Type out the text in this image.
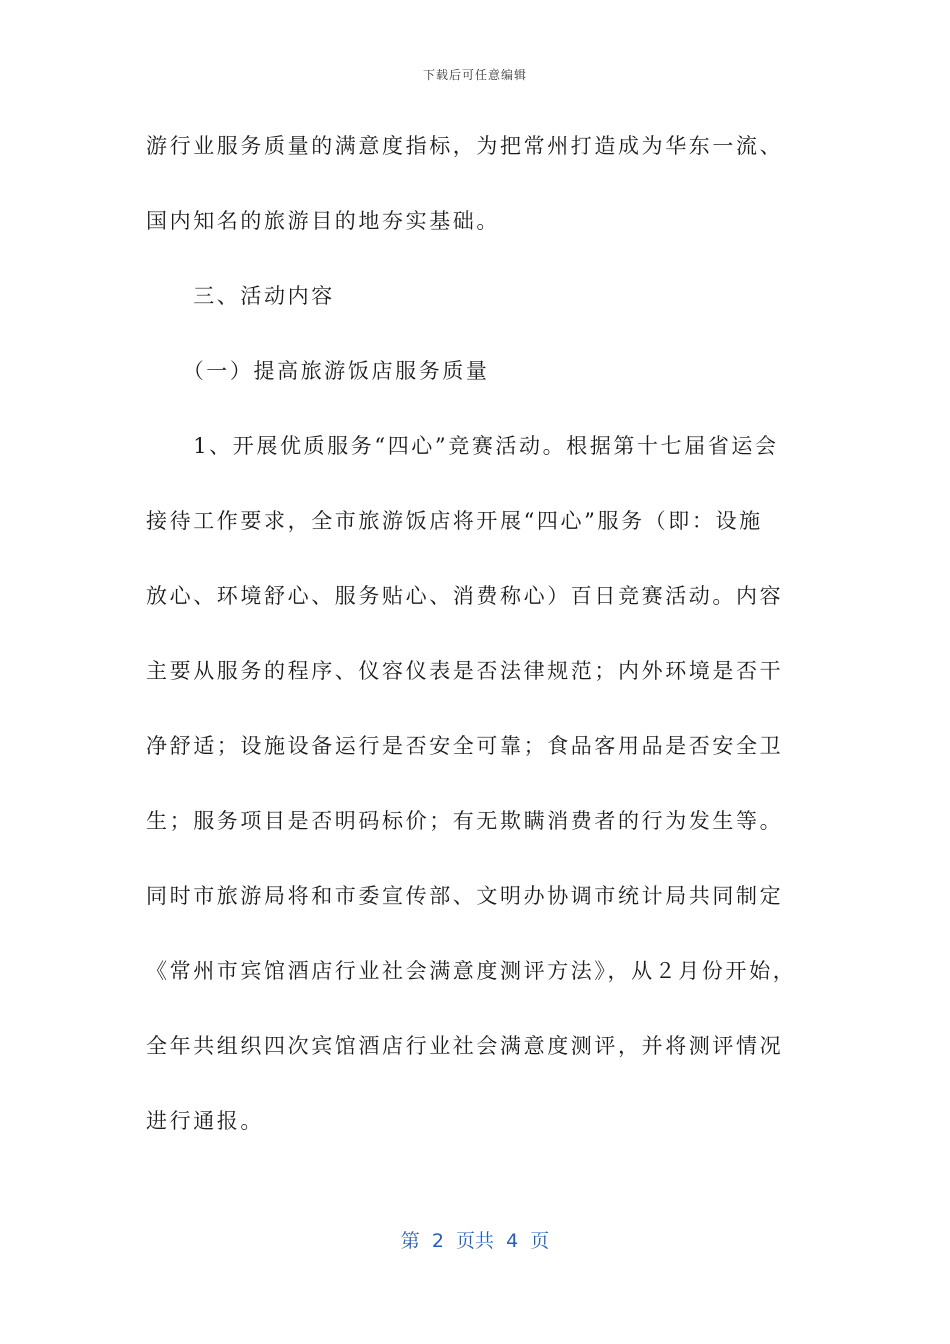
下载后可任意编辑
游行业服务质量的满意度指标，为把常州打造成为华东一流、
国内知名的旅游目的地夯实基础。
　　三、活动内容
　　（一）提高旅游饭店服务质量
　　1、开展优质服务“四心”竞赛活动。根据第十七届省运会
接待工作要求，全市旅游饭店将开展“四心”服务（即：设施
放心、环境舒心、服务贴心、消费称心）百日竞赛活动。内容
主要从服务的程序、仪容仪表是否法律规范；内外环境是否干
净舒适；设施设备运行是否安全可靠；食品客用品是否安全卫
生；服务项目是否明码标价；有无欺瞒消费者的行为发生等。
同时市旅游局将和市委宣传部、文明办协调市统计局共同制定
《常州市宾馆酒店行业社会满意度测评方法》，从２月份开始，
全年共组织四次宾馆酒店行业社会满意度测评，并将测评情况
进行通报。
第  2  页共  4  页
